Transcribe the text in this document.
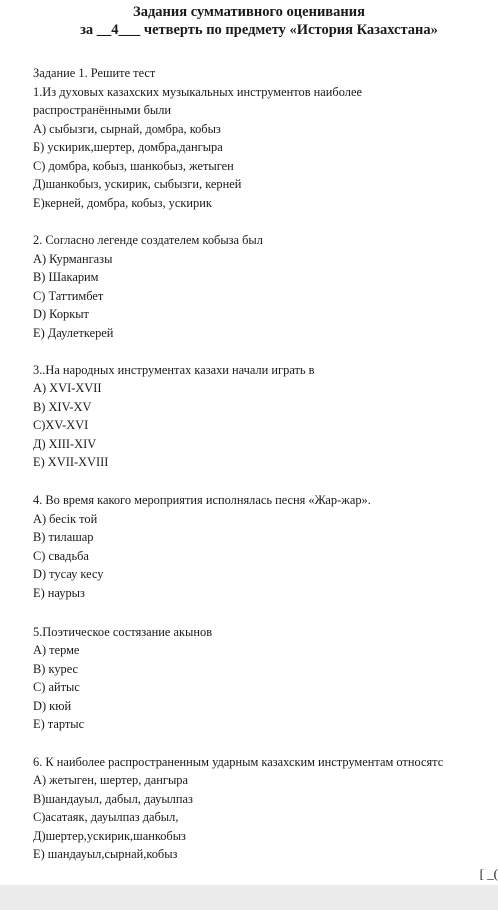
Задания суммативного оценивания
за __4___ четверть по предмету «История Казахстана»
Задание 1. Решите тест
1.Из духовых казахских музыкальных инструментов наиболее
распространёнными были
А) сыбызги, сырнай, домбра, кобыз
Б) ускирик,шертер, домбра,дангыра
С) домбра, кобыз, шанкобыз, жетыген
Д)шанкобыз, ускирик, сыбызги, керней
Е)керней, домбра, кобыз, ускирик
2. Согласно легенде создателем кобыза был
А) Курмангазы
В) Шакарим
С) Таттимбет
D) Коркыт
Е) Даулеткерей
3..На народных инструментах казахи начали играть в
А) XVI-XVII
В) XIV-XV
С)XV-XVI
Д) XIII-XIV
Е) XVII-XVIII
4. Во время какого мероприятия исполнялась песня «Жар-жар».
А) бесік той
В) тилашар
С) свадьба
D) тусау кесу
Е) наурыз
5.Поэтическое состязание акынов
А) терме
В) курес
С) айтыс
D) кюй
Е) тартыс
6. К наиболее распространенным ударным казахским инструментам относятс
А) жетыген, шертер, дангыра
В)шандауыл, дабыл, дауылпаз
С)асатаяк, дауылпаз дабыл,
Д)шертер,ускирик,шанкобыз
Е) шандауыл,сырнай,кобыз
[ _(
